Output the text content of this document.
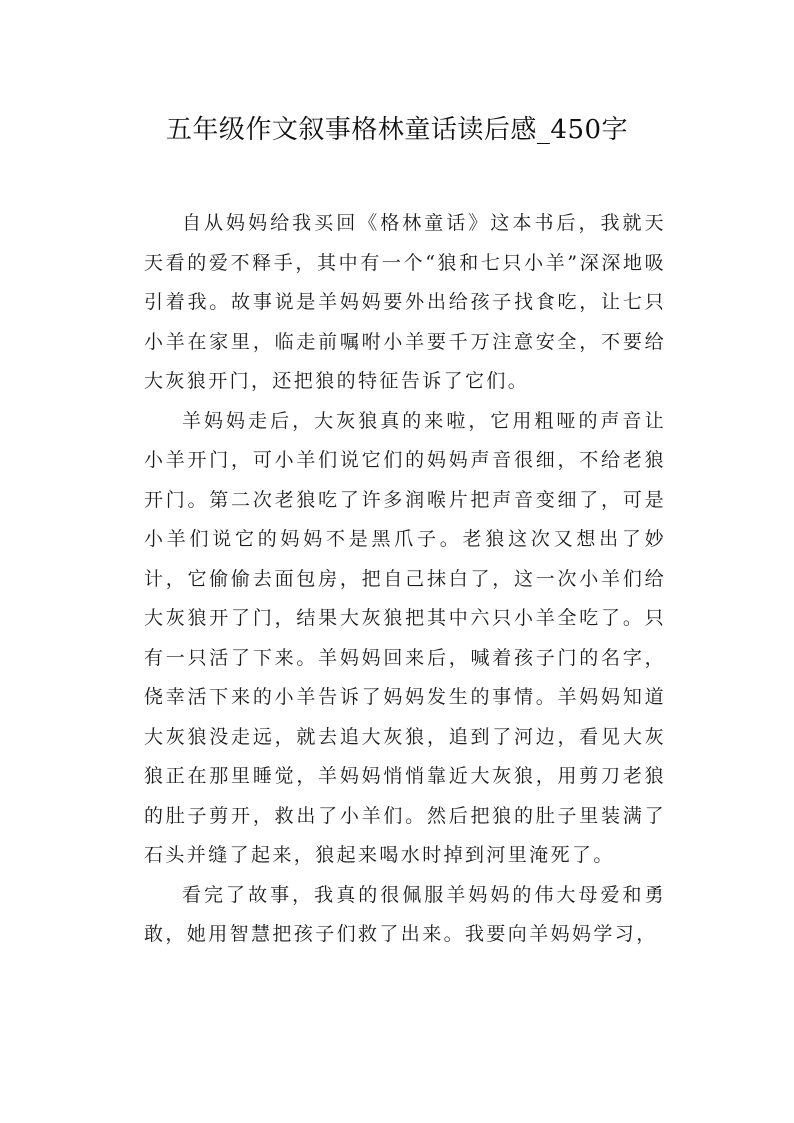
五年级作文叙事格林童话读后感_450字

自从妈妈给我买回《格林童话》这本书后，我就天天看的爱不释手，其中有一个“狼和七只小羊”深深地吸引着我。故事说是羊妈妈要外出给孩子找食吃，让七只小羊在家里，临走前嘱咐小羊要千万注意安全，不要给大灰狼开门，还把狼的特征告诉了它们。

羊妈妈走后，大灰狼真的来啦，它用粗哑的声音让小羊开门，可小羊们说它们的妈妈声音很细，不给老狼开门。第二次老狼吃了许多润喉片把声音变细了，可是小羊们说它的妈妈不是黑爪子。老狼这次又想出了妙计，它偷偷去面包房，把自己抹白了，这一次小羊们给大灰狼开了门，结果大灰狼把其中六只小羊全吃了。只有一只活了下来。羊妈妈回来后，喊着孩子门的名字，侥幸活下来的小羊告诉了妈妈发生的事情。羊妈妈知道大灰狼没走远，就去追大灰狼，追到了河边，看见大灰狼正在那里睡觉，羊妈妈悄悄靠近大灰狼，用剪刀老狼的肚子剪开，救出了小羊们。然后把狼的肚子里装满了石头并缝了起来，狼起来喝水时掉到河里淹死了。

看完了故事，我真的很佩服羊妈妈的伟大母爱和勇敢，她用智慧把孩子们救了出来。我要向羊妈妈学习，
